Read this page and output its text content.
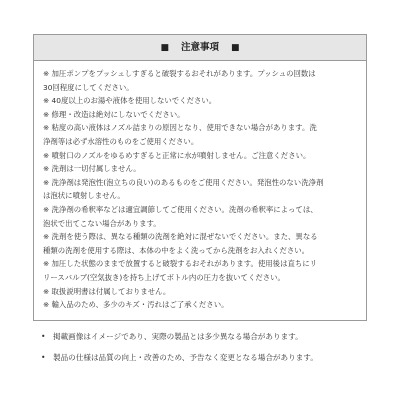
■ 注意事項 ■
※ 加圧ポンプをプッシュしすぎると破裂するおそれがあります。プッシュの回数は
30回程度にしてください。
※ 40度以上のお湯や液体を使用しないでください。
※ 修理・改造は絶対にしないでください。
※ 粘度の高い液体はノズル詰まりの原因となり、使用できない場合があります。洗
浄剤等は必ず水溶性のものをご使用ください。
※ 噴射口のノズルをゆるめすぎると正常に水が噴射しません。ご注意ください。
※ 洗剤は一切付属しません。
※ 洗浄剤は発泡性(泡立ちの良い)のあるものをご使用ください。発泡性のない洗浄剤
は泡状に噴射しません。
※ 洗浄剤の希釈率などは適宜調節してご使用ください。洗剤の希釈率によっては、
泡状で出てこない場合があります。
※ 洗剤を使う際は、異なる種類の洗剤を絶対に混ぜないでください。また、異なる
種類の洗剤を使用する際は、本体の中をよく洗ってから洗剤をお入れください。
※ 加圧した状態のままで放置すると破裂するおそれがあります。使用後は直ちにリ
リースバルブ(空気抜き)を持ち上げてボトル内の圧力を抜いてください。
※ 取扱説明書は付属しておりません。
※ 輸入品のため、多少のキズ・汚れはご了承ください。
• 掲載画像はイメージであり、実際の製品とは多少異なる場合があります。
• 製品の仕様は品質の向上・改善のため、予告なく変更となる場合があります。
